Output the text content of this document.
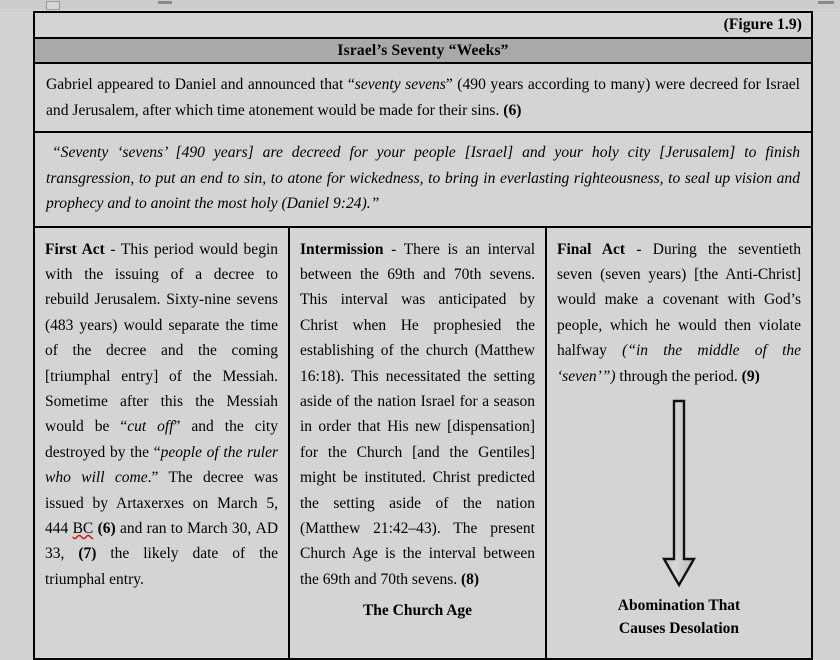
(Figure 1.9)
Israel’s Seventy “Weeks”

Gabriel appeared to Daniel and announced that “seventy sevens” (490 years according to many) were decreed for Israel and Jerusalem, after which time atonement would be made for their sins. (6)

“Seventy ‘sevens’ [490 years] are decreed for your people [Israel] and your holy city [Jerusalem] to finish transgression, to put an end to sin, to atone for wickedness, to bring in everlasting righteousness, to seal up vision and prophecy and to anoint the most holy (Daniel 9:24).”

First Act - This period would begin with the issuing of a decree to rebuild Jerusalem. Sixty-nine sevens (483 years) would separate the time of the decree and the coming [triumphal entry] of the Messiah. Sometime after this the Messiah would be “cut off” and the city destroyed by the “people of the ruler who will come.” The decree was issued by Artaxerxes on March 5, 444 BC (6) and ran to March 30, AD 33, (7) the likely date of the triumphal entry.

Intermission - There is an interval between the 69th and 70th sevens. This interval was anticipated by Christ when He prophesied the establishing of the church (Matthew 16:18). This necessitated the setting aside of the nation Israel for a season in order that His new [dispensation] for the Church [and the Gentiles] might be instituted. Christ predicted the setting aside of the nation (Matthew 21:42–43). The present Church Age is the interval between the 69th and 70th sevens. (8)

The Church Age

Final Act - During the seventieth seven (seven years) [the Anti-Christ] would make a covenant with God’s people, which he would then violate halfway (“in the middle of the ‘seven’”) through the period. (9)

Abomination That

Causes Desolation
